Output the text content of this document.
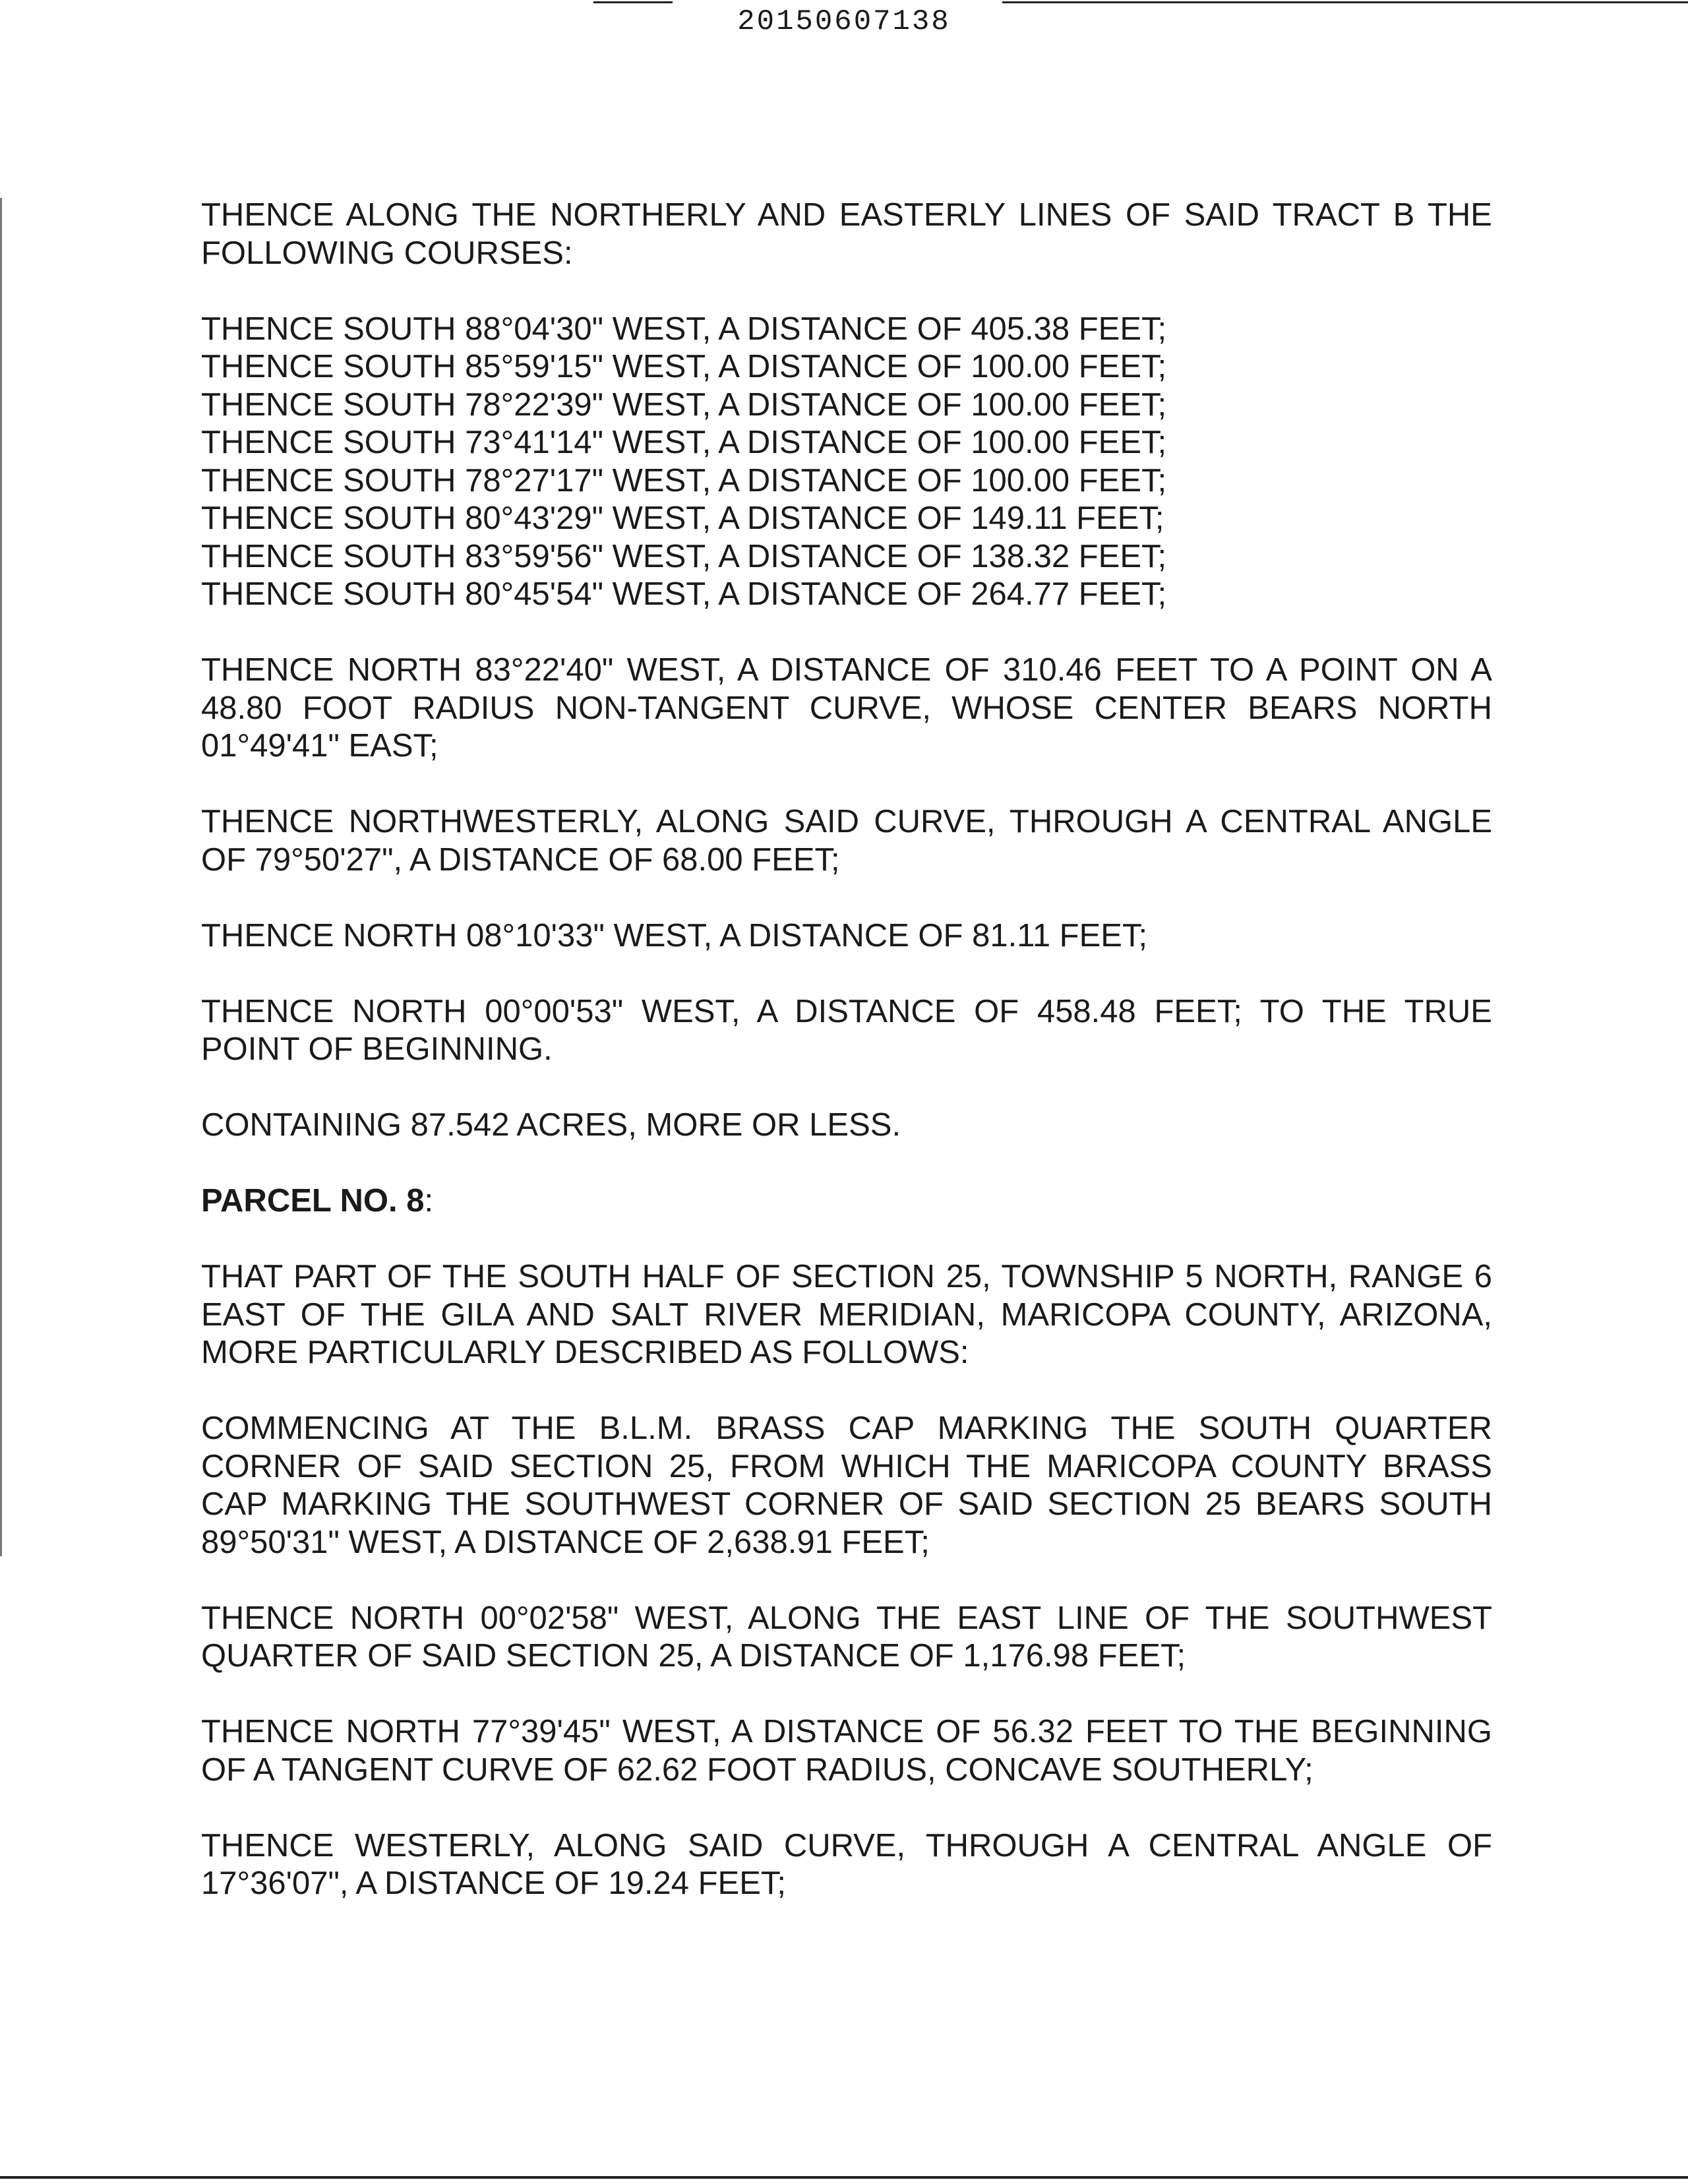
20150607138

THENCE ALONG THE NORTHERLY AND EASTERLY LINES OF SAID TRACT B THE FOLLOWING COURSES:

THENCE SOUTH 88°04'30" WEST, A DISTANCE OF 405.38 FEET;
THENCE SOUTH 85°59'15" WEST, A DISTANCE OF 100.00 FEET;
THENCE SOUTH 78°22'39" WEST, A DISTANCE OF 100.00 FEET;
THENCE SOUTH 73°41'14" WEST, A DISTANCE OF 100.00 FEET;
THENCE SOUTH 78°27'17" WEST, A DISTANCE OF 100.00 FEET;
THENCE SOUTH 80°43'29" WEST, A DISTANCE OF 149.11 FEET;
THENCE SOUTH 83°59'56" WEST, A DISTANCE OF 138.32 FEET;
THENCE SOUTH 80°45'54" WEST, A DISTANCE OF 264.77 FEET;

THENCE NORTH 83°22'40" WEST, A DISTANCE OF 310.46 FEET TO A POINT ON A 48.80 FOOT RADIUS NON-TANGENT CURVE, WHOSE CENTER BEARS NORTH 01°49'41" EAST;

THENCE NORTHWESTERLY, ALONG SAID CURVE, THROUGH A CENTRAL ANGLE OF 79°50'27", A DISTANCE OF 68.00 FEET;

THENCE NORTH 08°10'33" WEST, A DISTANCE OF 81.11 FEET;

THENCE NORTH 00°00'53" WEST, A DISTANCE OF 458.48 FEET; TO THE TRUE POINT OF BEGINNING.

CONTAINING 87.542 ACRES, MORE OR LESS.

PARCEL NO. 8:

THAT PART OF THE SOUTH HALF OF SECTION 25, TOWNSHIP 5 NORTH, RANGE 6 EAST OF THE GILA AND SALT RIVER MERIDIAN, MARICOPA COUNTY, ARIZONA, MORE PARTICULARLY DESCRIBED AS FOLLOWS:

COMMENCING AT THE B.L.M. BRASS CAP MARKING THE SOUTH QUARTER CORNER OF SAID SECTION 25, FROM WHICH THE MARICOPA COUNTY BRASS CAP MARKING THE SOUTHWEST CORNER OF SAID SECTION 25 BEARS SOUTH 89°50'31" WEST, A DISTANCE OF 2,638.91 FEET;

THENCE NORTH 00°02'58" WEST, ALONG THE EAST LINE OF THE SOUTHWEST QUARTER OF SAID SECTION 25, A DISTANCE OF 1,176.98 FEET;

THENCE NORTH 77°39'45" WEST, A DISTANCE OF 56.32 FEET TO THE BEGINNING OF A TANGENT CURVE OF 62.62 FOOT RADIUS, CONCAVE SOUTHERLY;

THENCE WESTERLY, ALONG SAID CURVE, THROUGH A CENTRAL ANGLE OF 17°36'07", A DISTANCE OF 19.24 FEET;
